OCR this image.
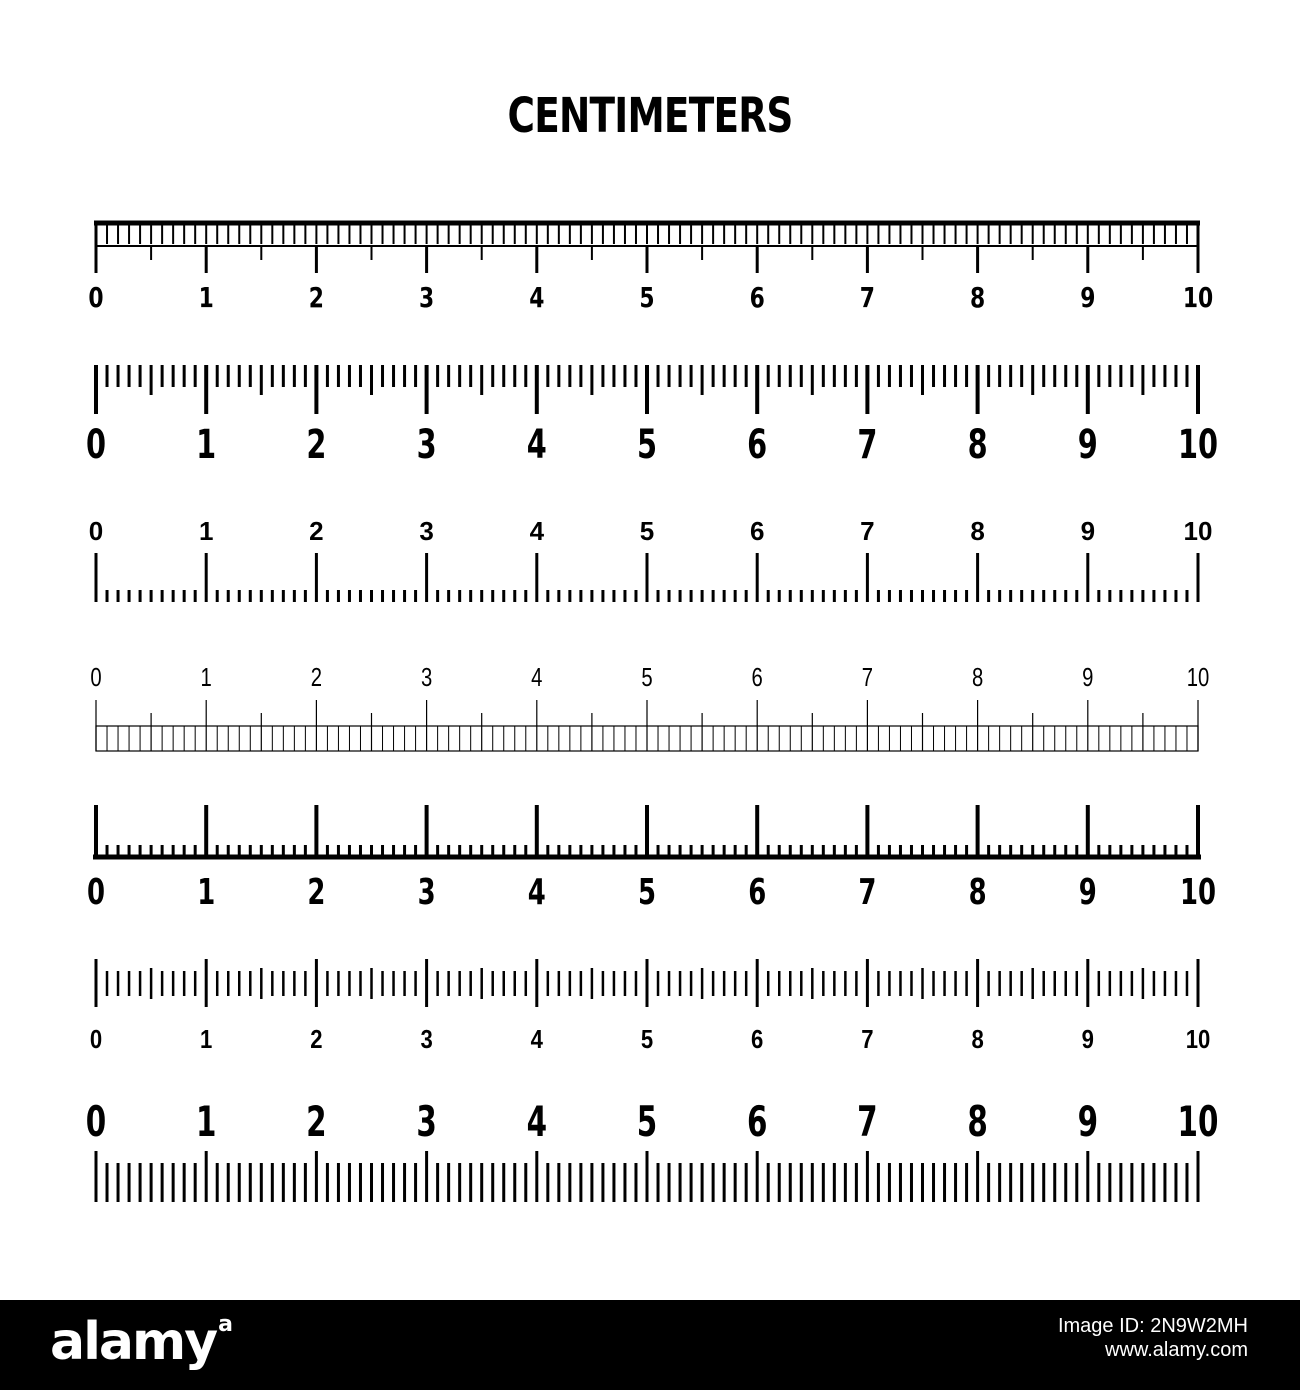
CENTIMETERS
0	1	2	3	4	5	6	7	8	9	10
0 1 2 3 4 5 6 7 8 9 10
0	1	2	3	4	5	6	7	8	9	10
0	1	2	3	4	5	6	7	8	9	10
0	1	2	3	4	5	6	7	8	9 10
0	1	2	3	4	5	6	7	8	9	10
0 1 2 3 4 5 6 7 8 9 10
alamy$^a$	Image ID: 2N9W2MH
www.alamy.com
